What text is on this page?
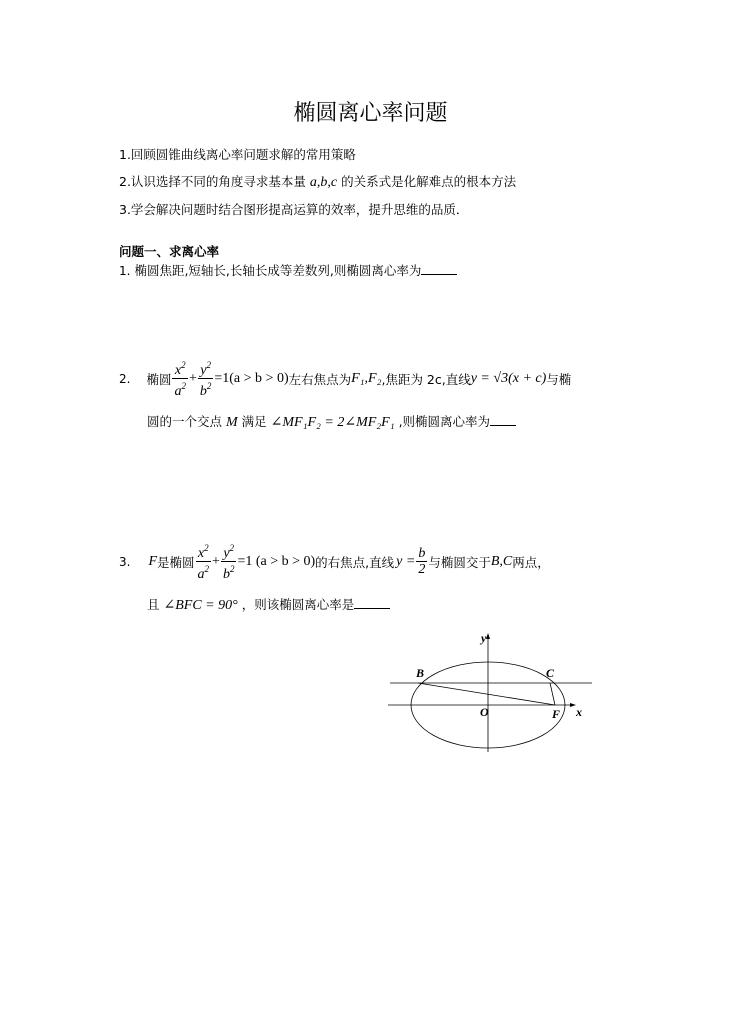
椭圆离心率问题
1.回顾圆锥曲线离心率问题求解的常用策略
2.认识选择不同的角度寻求基本量 a,b,c 的关系式是化解难点的根本方法
3.学会解决问题时结合图形提高运算的效率，提升思维的品质．
问题一、求离心率
1. 椭圆焦距,短轴长,长轴长成等差数列,则椭圆离心率为
2. 椭圆 $\frac{x^2}{a^2} + \frac{y^2}{b^2} =1(a > b > 0)$ 左右焦点为 F₁,F₂ ,焦距为 2c,直线 y = √3(x + c) 与椭
圆的一个交点 M 满足 ∠MF₁F₂ = 2∠MF₂F₁ ,则椭圆离心率为
3. F 是椭圆 $\frac{x^2}{a^2} + \frac{y^2}{b^2} =1$ (a > b > 0) 的右焦点,直线 $y = \frac{b}{2}$ 与椭圆交于 B,C 两点，
且 ∠BFC = 90° ，则该椭圆离心率是
y
B	C
O	F x
